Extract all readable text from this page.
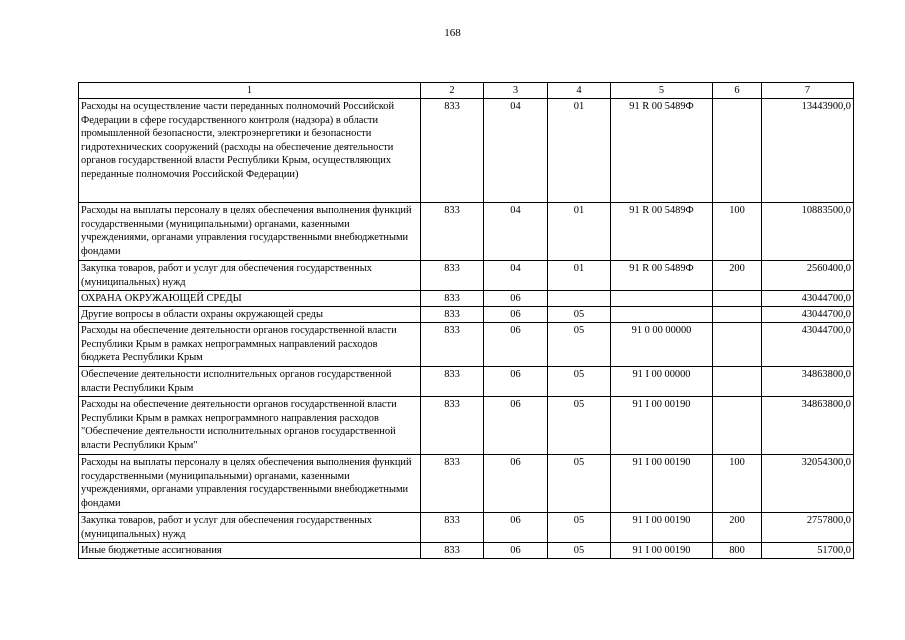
168
1	2	3	4	5	6	7
Расходы на осуществление части переданных полномочий Российской Федерации в сфере государственного контроля (надзора) в области промышленной безопасности, электроэнергетики и безопасности гидротехнических сооружений (расходы на обеспечение деятельности органов государственной власти Республики Крым, осуществляющих переданные полномочия Российской Федерации)	833	04	01	91 R 00 5489Ф		13443900,0
Расходы на выплаты персоналу в целях обеспечения выполнения функций государственными (муниципальными) органами, казенными учреждениями, органами управления государственными внебюджетными фондами	833	04	01	91 R 00 5489Ф	100	10883500,0
Закупка товаров, работ и услуг для обеспечения государственных (муниципальных) нужд	833	04	01	91 R 00 5489Ф	200	2560400,0
ОХРАНА ОКРУЖАЮЩЕЙ СРЕДЫ	833	06				43044700,0
Другие вопросы в области охраны окружающей среды	833	06	05			43044700,0
Расходы на обеспечение деятельности органов государственной власти Республики Крым в рамках непрограммных направлений расходов бюджета Республики Крым	833	06	05	91 0 00 00000		43044700,0
Обеспечение деятельности исполнительных органов государственной власти Республики Крым	833	06	05	91 I 00 00000		34863800,0
Расходы на обеспечение деятельности органов государственной власти Республики Крым в рамках непрограммного направления расходов "Обеспечение деятельности исполнительных органов государственной власти Республики Крым"	833	06	05	91 I 00 00190		34863800,0
Расходы на выплаты персоналу в целях обеспечения выполнения функций государственными (муниципальными) органами, казенными учреждениями, органами управления государственными внебюджетными фондами	833	06	05	91 I 00 00190	100	32054300,0
Закупка товаров, работ и услуг для обеспечения государственных (муниципальных) нужд	833	06	05	91 I 00 00190	200	2757800,0
Иные бюджетные ассигнования	833	06	05	91 I 00 00190	800	51700,0
